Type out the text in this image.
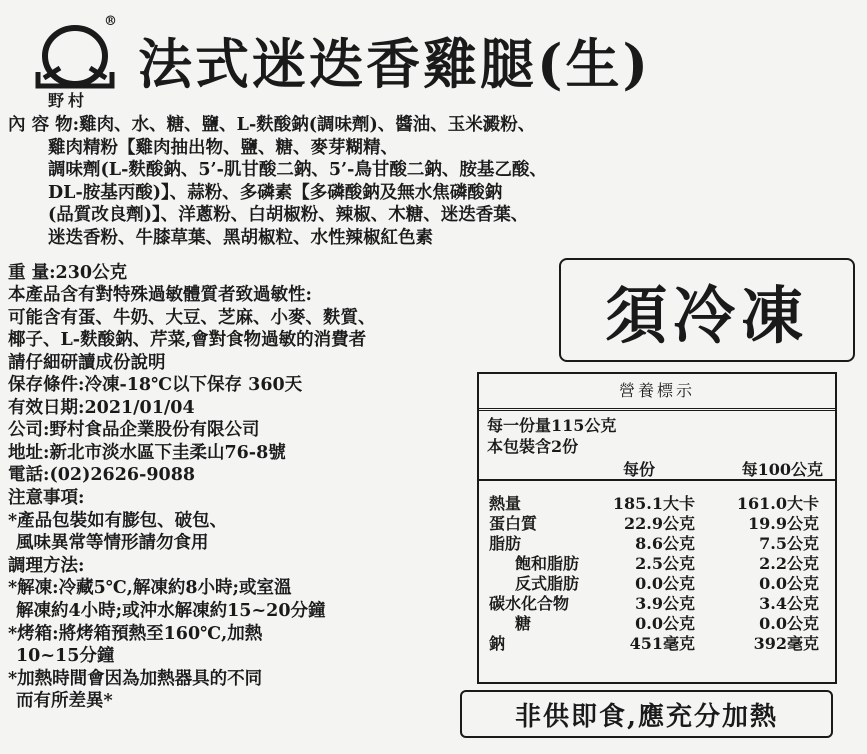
®
野村
法式迷迭香雞腿(生)
內 容 物:雞肉、水、糖、鹽、L-麩酸鈉(調味劑)、醬油、玉米澱粉、
雞肉精粉【雞肉抽出物、鹽、糖、麥芽糊精、
調味劑(L-麩酸鈉、5’-肌甘酸二鈉、5’-鳥甘酸二鈉、胺基乙酸、
DL-胺基丙酸)】、蒜粉、多磷素【多磷酸鈉及無水焦磷酸鈉
(品質改良劑)】、洋蔥粉、白胡椒粉、辣椒、木糖、迷迭香葉、
迷迭香粉、牛膝草葉、黑胡椒粒、水性辣椒紅色素
重 量:230公克
本產品含有對特殊過敏體質者致過敏性:
可能含有蛋、牛奶、大豆、芝麻、小麥、麩質、
椰子、L-麩酸鈉、芹菜,會對食物過敏的消費者
請仔細研讀成份說明
須冷凍
保存條件:冷凍-18℃以下保存 360天
有效日期:2021/01/04
公司:野村食品企業股份有限公司
地址:新北市淡水區下圭柔山76-8號
電話:(02)2626-9088
注意事項:
*產品包裝如有膨包、破包、
風味異常等情形請勿食用
調理方法:
*解凍:冷藏5℃,解凍約8小時;或室溫
解凍約4小時;或沖水解凍約15~20分鐘
*烤箱:將烤箱預熱至160℃,加熱
10~15分鐘
*加熱時間會因為加熱器具的不同
而有所差異*
營養標示
每一份量115公克
本包裝含2份
每份	每100公克
熱量	185.1大卡	161.0大卡
蛋白質	22.9公克	19.9公克
脂肪	8.6公克	7.5公克
飽和脂肪	2.5公克	2.2公克
反式脂肪	0.0公克	0.0公克
碳水化合物	3.9公克	3.4公克
糖	0.0公克	0.0公克
鈉	451毫克	392毫克
非供即食,應充分加熱
